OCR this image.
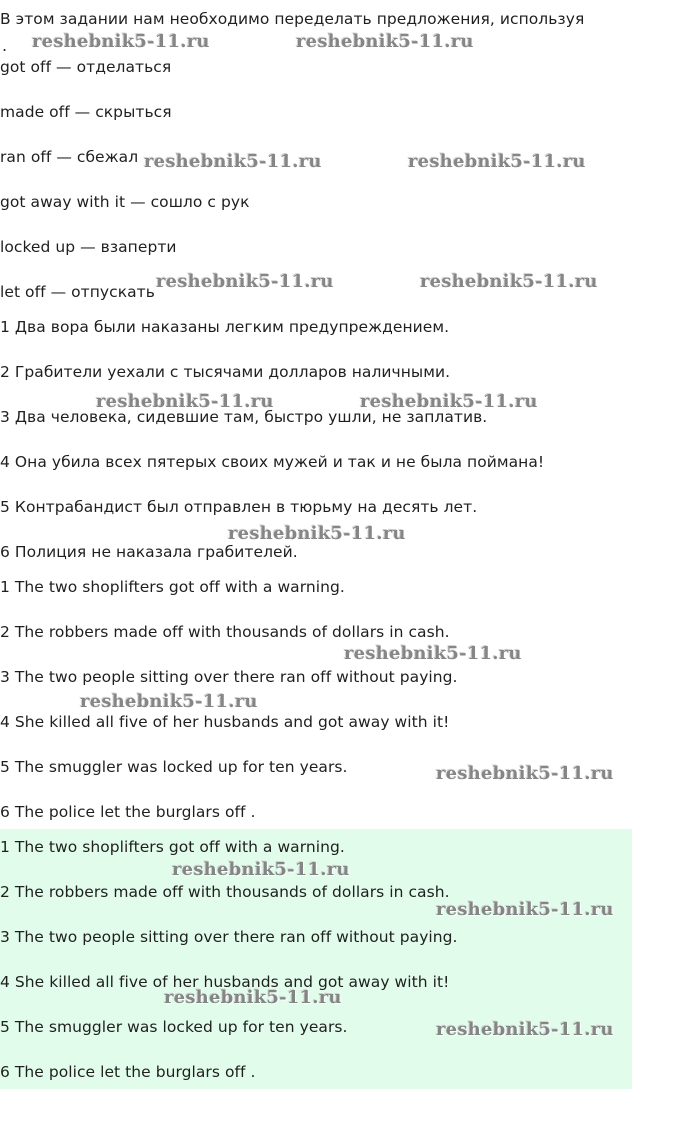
В этом задании нам необходимо переделать предложения, используя
.
got off — отделаться
made off — скрыться
ran off — сбежал
got away with it — сошло с рук
locked up — взаперти
let off — отпускать
1 Два вора были наказаны легким предупреждением.
2 Грабители уехали с тысячами долларов наличными.
3 Два человека, сидевшие там, быстро ушли, не заплатив.
4 Она убила всех пятерых своих мужей и так и не была поймана!
5 Контрабандист был отправлен в тюрьму на десять лет.
6 Полиция не наказала грабителей.
1 The two shoplifters got off with a warning.
2 The robbers made off with thousands of dollars in cash.
3 The two people sitting over there ran off without paying.
4 She killed all five of her husbands and got away with it!
5 The smuggler was locked up for ten years.
6 The police let the burglars off .
1 The two shoplifters got off with a warning.
2 The robbers made off with thousands of dollars in cash.
3 The two people sitting over there ran off without paying.
4 She killed all five of her husbands and got away with it!
5 The smuggler was locked up for ten years.
6 The police let the burglars off .
reshebnik5-11.ru	reshebnik5-11.ru
reshebnik5-11.ru	reshebnik5-11.ru
reshebnik5-11.ru	reshebnik5-11.ru
reshebnik5-11.ru	reshebnik5-11.ru
reshebnik5-11.ru
reshebnik5-11.ru
reshebnik5-11.ru
reshebnik5-11.ru
reshebnik5-11.ru
reshebnik5-11.ru
reshebnik5-11.ru
reshebnik5-11.ru
